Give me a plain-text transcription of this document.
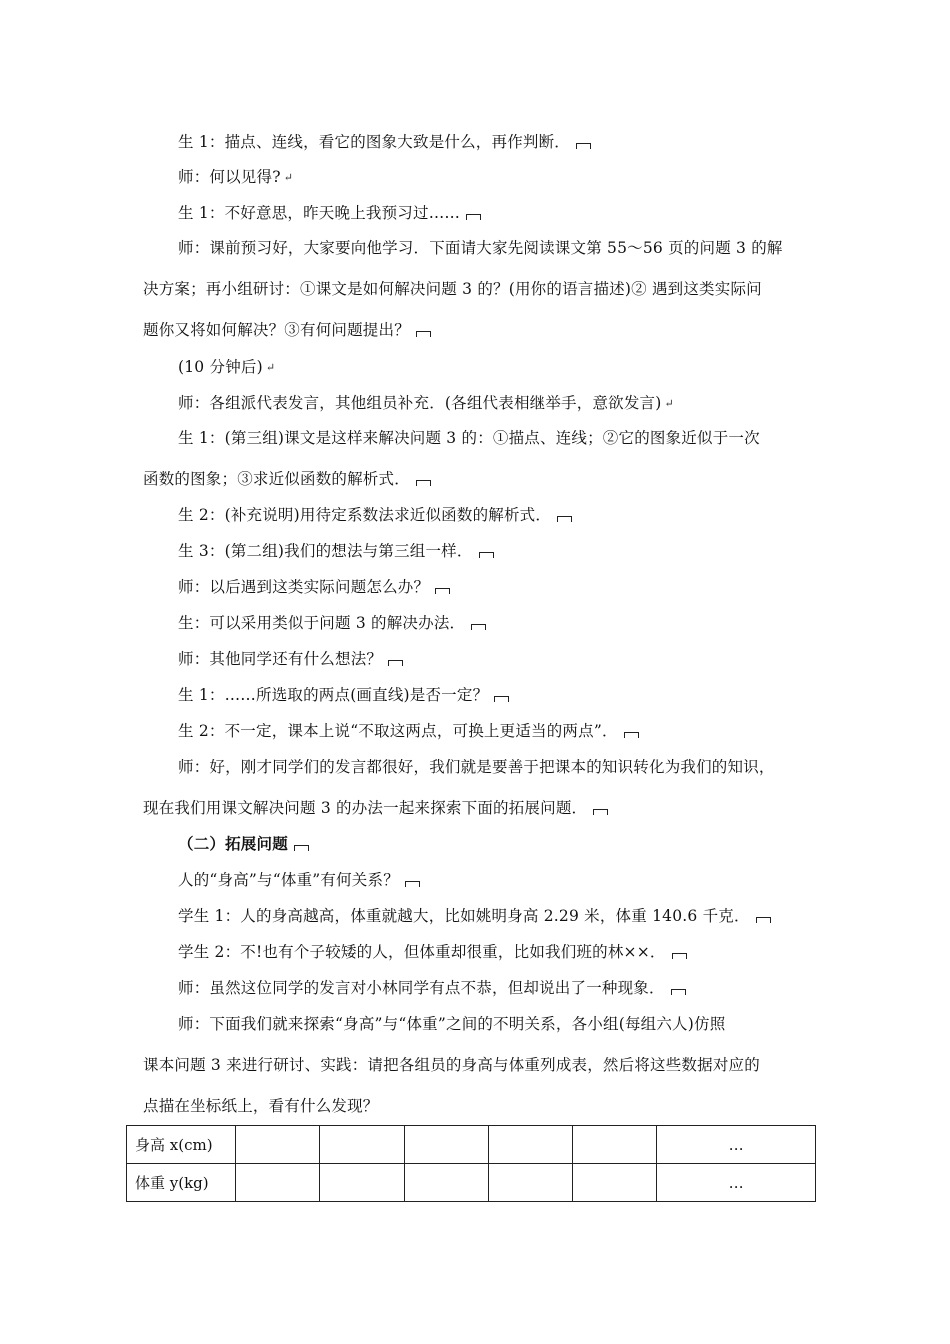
生 1：描点、连线，看它的图象大致是什么，再作判断．
师：何以见得? ↵
生 1：不好意思，昨天晚上我预习过……
师：课前预习好，大家要向他学习．下面请大家先阅读课文第 55～56 页的问题 3 的解
决方案；再小组研讨：①课文是如何解决问题 3 的？(用你的语言描述)② 遇到这类实际问
题你又将如何解决？③有何问题提出？
(10 分钟后) ↵
师：各组派代表发言，其他组员补充．(各组代表相继举手，意欲发言) ↵
生 1：(第三组)课文是这样来解决问题 3 的：①描点、连线；②它的图象近似于一次
函数的图象；③求近似函数的解析式．
生 2：(补充说明)用待定系数法求近似函数的解析式．
生 3：(第二组)我们的想法与第三组一样．
师：以后遇到这类实际问题怎么办？
生：可以采用类似于问题 3 的解决办法．
师：其他同学还有什么想法？
生 1：……所选取的两点(画直线)是否一定？
生 2：不一定，课本上说“不取这两点，可换上更适当的两点”．
师：好，刚才同学们的发言都很好，我们就是要善于把课本的知识转化为我们的知识，
现在我们用课文解决问题 3 的办法一起来探索下面的拓展问题．
（二）拓展问题
人的“身高”与“体重”有何关系？
学生 1：人的身高越高，体重就越大，比如姚明身高 2.29 米，体重 140.6 千克．
学生 2：不!也有个子较矮的人，但体重却很重，比如我们班的林××．
师：虽然这位同学的发言对小林同学有点不恭，但却说出了一种现象．
师：下面我们就来探索“身高”与“体重”之间的不明关系，各小组(每组六人)仿照
课本问题 3 来进行研讨、实践：请把各组员的身高与体重列成表，然后将这些数据对应的
点描在坐标纸上，看有什么发现？
身高 x(cm)						…
体重 y(kg)						…
